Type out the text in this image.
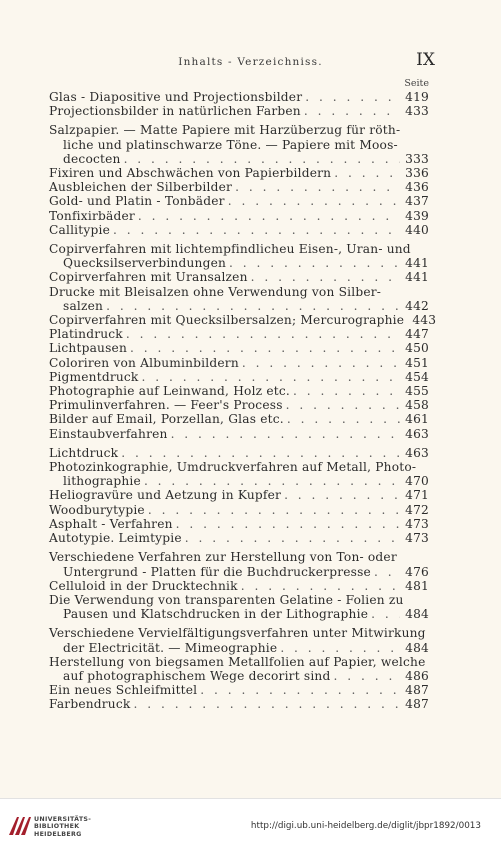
Inhalts - Verzeichniss.	IX
Seite
Glas - Diapositive und Projectionsbilder . . .	419
Projectionsbilder in natürlichen Farben . . .	433
Salzpapier. — Matte Papiere mit Harzüberzug für röth-
liche und platinschwarze Töne. — Papiere mit Moos-
decocten . . .	333
Fixiren und Abschwächen von Papierbildern . . .	336
Ausbleichen der Silberbilder . . .	436
Gold- und Platin - Tonbäder . . .	437
Tonfixirbäder . . .	439
Callitypie . . .	440
Copirverfahren mit lichtempfindlicheu Eisen-, Uran- und
Quecksilserverbindungen . . .	441
Copirverfahren mit Uransalzen . . .	441
Drucke mit Bleisalzen ohne Verwendung von Silber-
salzen . . .	442
Copirverfahren mit Quecksilbersalzen; Mercurographie 443
Platindruck . . .	447
Lichtpausen . . .	450
Coloriren von Albuminbildern . . .	451
Pigmentdruck . . .	454
Photographie auf Leinwand, Holz etc. . . .	455
Primulinverfahren. — Feer's Process . . .	458
Bilder auf Email, Porzellan, Glas etc. . . .	461
Einstaubverfahren . . .	463
Lichtdruck . . .	463
Photozinkographie, Umdruckverfahren auf Metall, Photo-
lithographie . . .	470
Heliogravüre und Aetzung in Kupfer . . .	471
Woodburytypie . . .	472
Asphalt - Verfahren . . .	473
Autotypie. Leimtypie . . .	473
Verschiedene Verfahren zur Herstellung von Ton- oder
Untergrund - Platten für die Buchdruckerpresse . . .	476
Celluloid in der Drucktechnik . . .	481
Die Verwendung von transparenten Gelatine - Folien zu
Pausen und Klatschdrucken in der Lithographie . . .	484
Verschiedene Vervielfältigungsverfahren unter Mitwirkung
der Electricität. — Mimeographie . . .	484
Herstellung von biegsamen Metallfolien auf Papier, welche
auf photographischem Wege decorirt sind . . .	486
Ein neues Schleifmittel . . .	487
Farbendruck . . .	487
UNIVERSITÄTS-
BIBLIOTHEK
HEIDELBERG
http://digi.ub.uni-heidelberg.de/diglit/jbpr1892/0013
